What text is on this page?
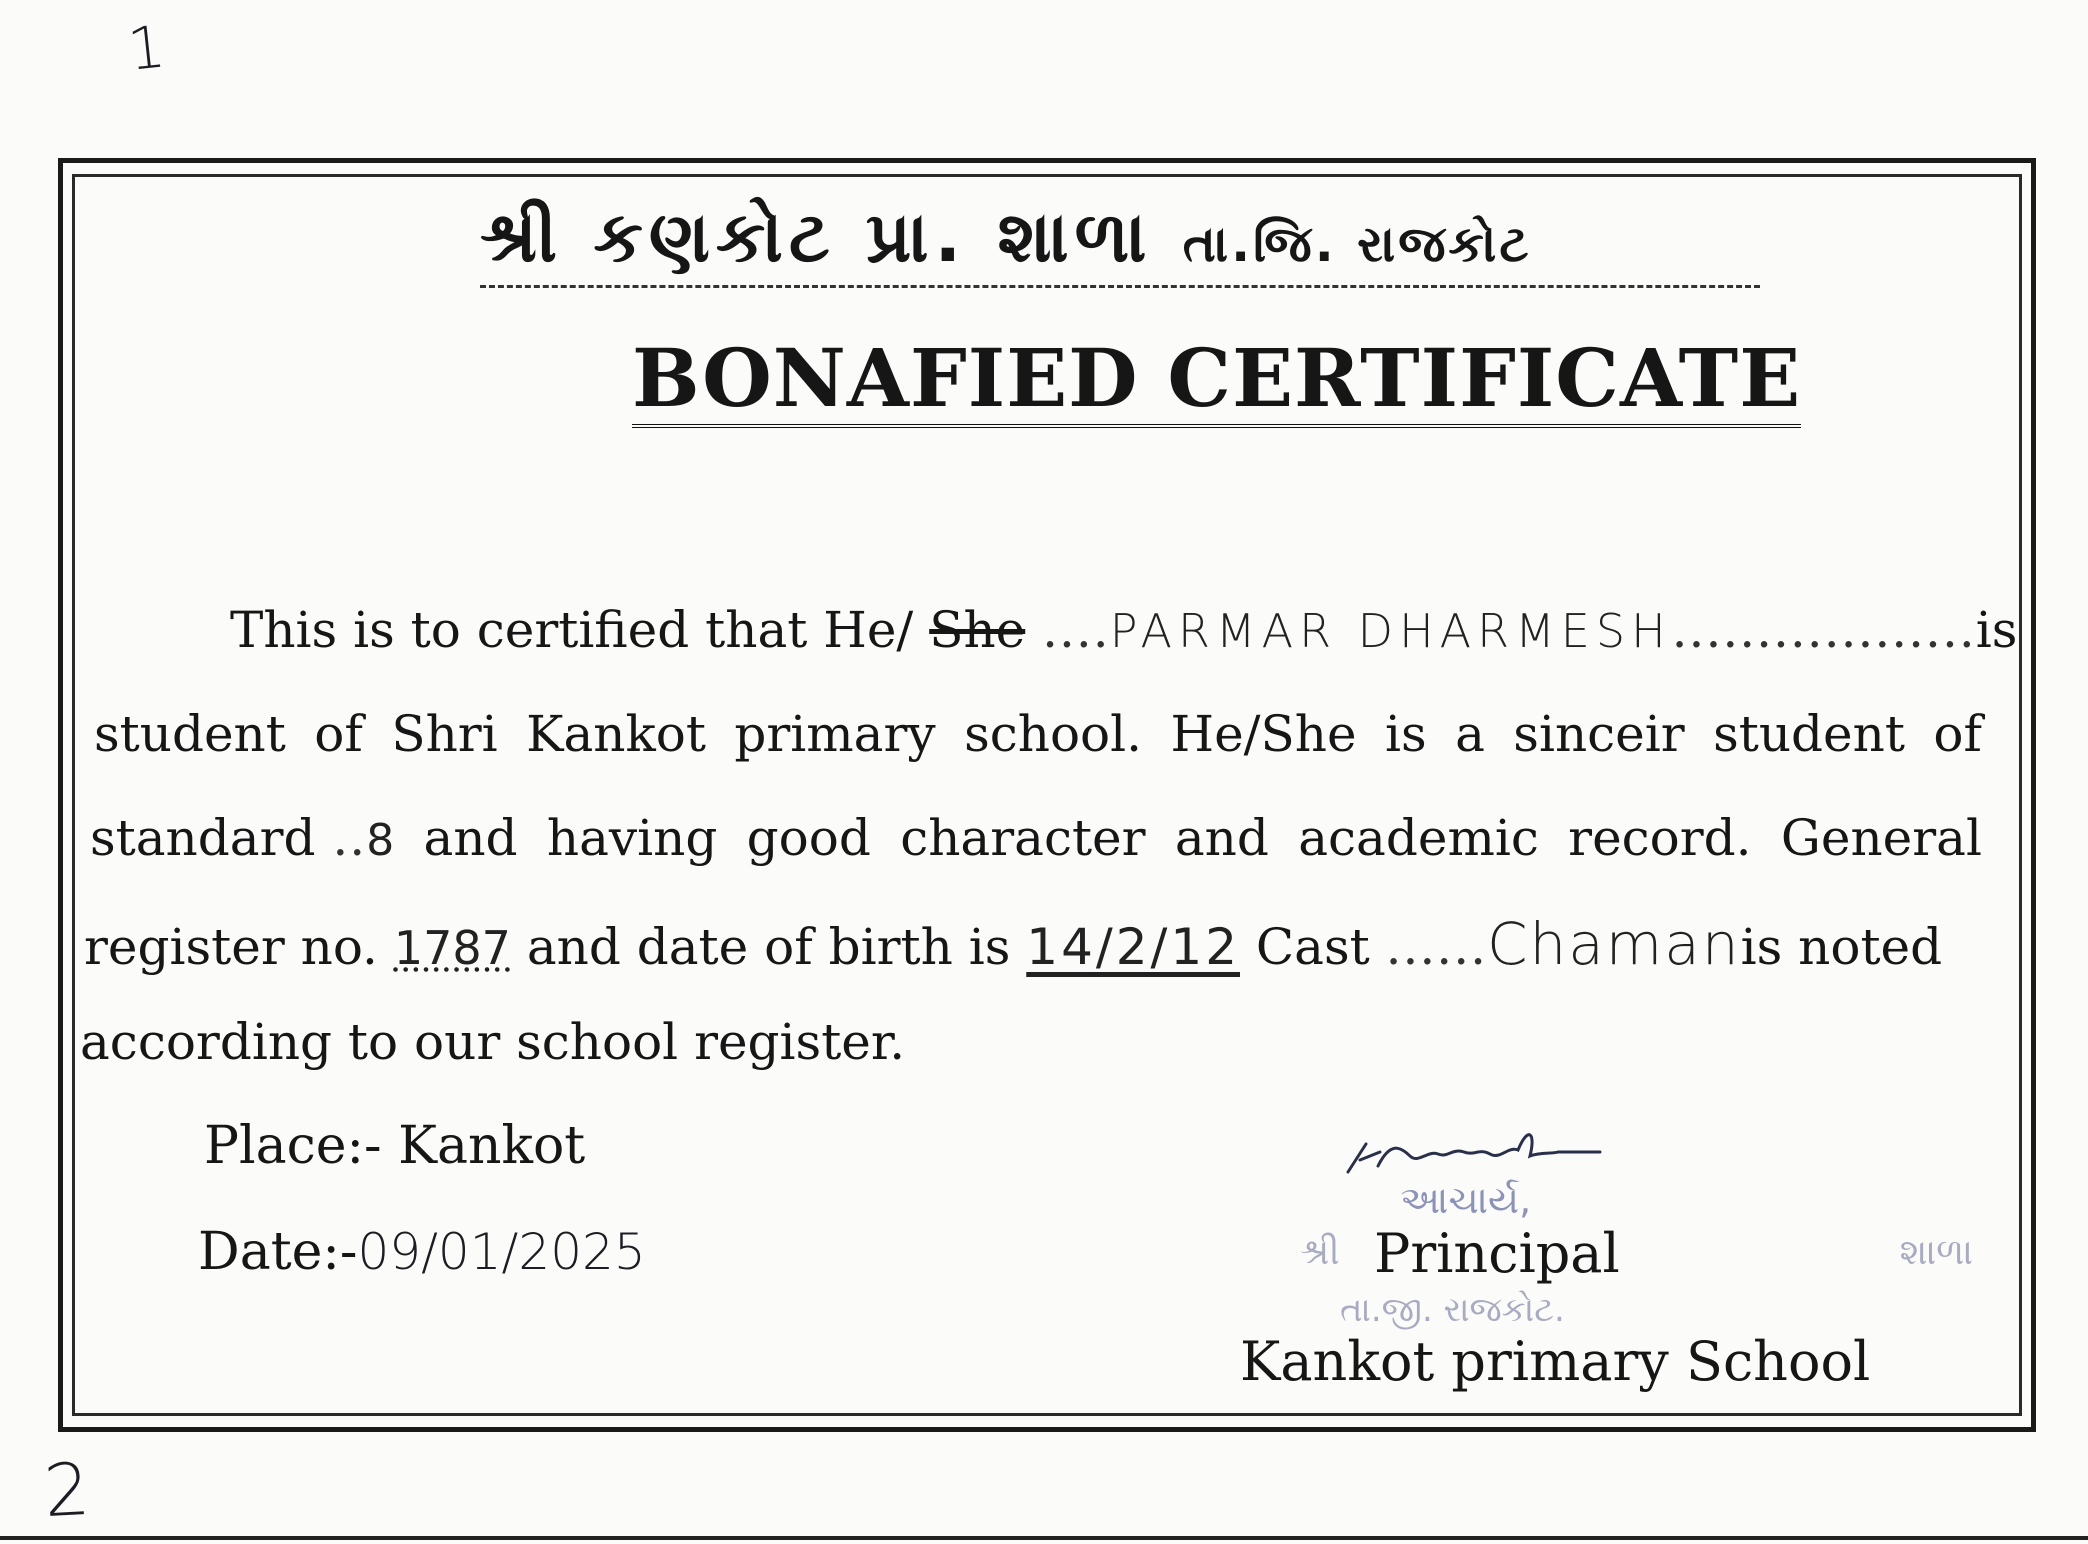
1
શ્રી કણકોટ પ્રા. શાળા તા.જિ. રાજકોટ
BONAFIED CERTIFICATE
This is to certified that He/ She ....PARMAR DHARMESH..................is
student of Shri Kankot primary school. He/She is a sinceir student of
standard ..8 and having good character and academic record. General
register no. 1787 and date of birth is 14/2/12 Cast ......Chamanis noted
according to our school register.
Place:- Kankot
Date:-09/01/2025
આચાર્ય,
શ્રી	શાળા
તા.જી. રાજકોટ.
Principal
Kankot primary School
2
